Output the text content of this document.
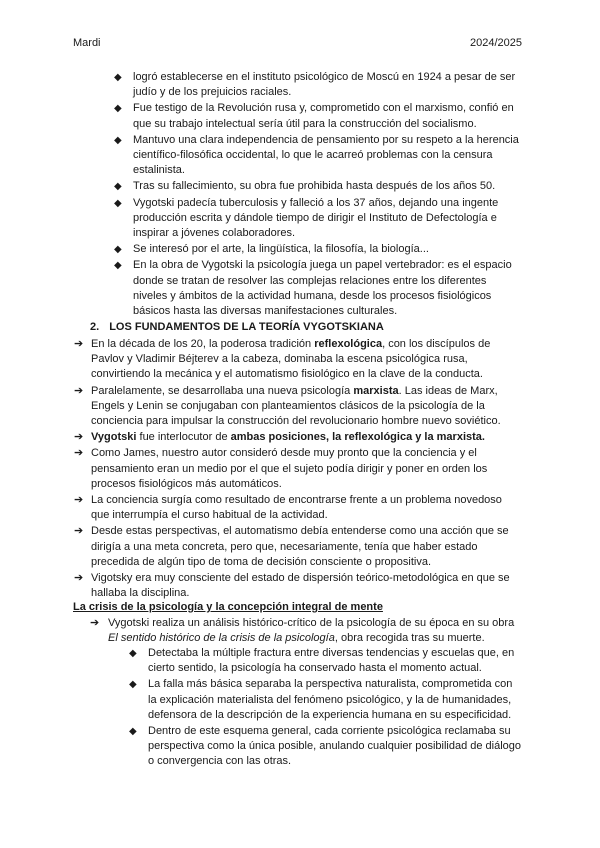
Mardi	2024/2025
◆ logró establecerse en el instituto psicológico de Moscú en 1924 a pesar de ser judío y de los prejuicios raciales.
◆ Fue testigo de la Revolución rusa y, comprometido con el marxismo, confió en que su trabajo intelectual sería útil para la construcción del socialismo.
◆ Mantuvo una clara independencia de pensamiento por su respeto a la herencia científico-filosófica occidental, lo que le acarreó problemas con la censura estalinista.
◆ Tras su fallecimiento, su obra fue prohibida hasta después de los años 50.
◆ Vygotski padecía tuberculosis y falleció a los 37 años, dejando una ingente producción escrita y dándole tiempo de dirigir el Instituto de Defectología e inspirar a jóvenes colaboradores.
◆ Se interesó por el arte, la lingüística, la filosofía, la biología...
◆ En la obra de Vygotski la psicología juega un papel vertebrador: es el espacio donde se tratan de resolver las complejas relaciones entre los diferentes niveles y ámbitos de la actividad humana, desde los procesos fisiológicos básicos hasta las diversas manifestaciones culturales.
2. LOS FUNDAMENTOS DE LA TEORÍA VYGOTSKIANA
➔ En la década de los 20, la poderosa tradición reflexológica, con los discípulos de Pavlov y Vladimir Béjterev a la cabeza, dominaba la escena psicológica rusa, convirtiendo la mecánica y el automatismo fisiológico en la clave de la conducta.
➔ Paralelamente, se desarrollaba una nueva psicología marxista. Las ideas de Marx, Engels y Lenin se conjugaban con planteamientos clásicos de la psicología de la conciencia para impulsar la construcción del revolucionario hombre nuevo soviético.
➔ Vygotski fue interlocutor de ambas posiciones, la reflexológica y la marxista.
➔ Como James, nuestro autor consideró desde muy pronto que la conciencia y el pensamiento eran un medio por el que el sujeto podía dirigir y poner en orden los procesos fisiológicos más automáticos.
➔ La conciencia surgía como resultado de encontrarse frente a un problema novedoso que interrumpía el curso habitual de la actividad.
➔ Desde estas perspectivas, el automatismo debía entenderse como una acción que se dirigía a una meta concreta, pero que, necesariamente, tenía que haber estado precedida de algún tipo de toma de decisión consciente o propositiva.
➔ Vigotsky era muy consciente del estado de dispersión teórico-metodológica en que se hallaba la disciplina.
La crisis de la psicología y la concepción integral de mente
➔ Vygotski realiza un análisis histórico-crítico de la psicología de su época en su obra El sentido histórico de la crisis de la psicología, obra recogida tras su muerte.
◆ Detectaba la múltiple fractura entre diversas tendencias y escuelas que, en cierto sentido, la psicología ha conservado hasta el momento actual.
◆ La falla más básica separaba la perspectiva naturalista, comprometida con la explicación materialista del fenómeno psicológico, y la de humanidades, defensora de la descripción de la experiencia humana en su especificidad.
◆ Dentro de este esquema general, cada corriente psicológica reclamaba su perspectiva como la única posible, anulando cualquier posibilidad de diálogo o convergencia con las otras.
